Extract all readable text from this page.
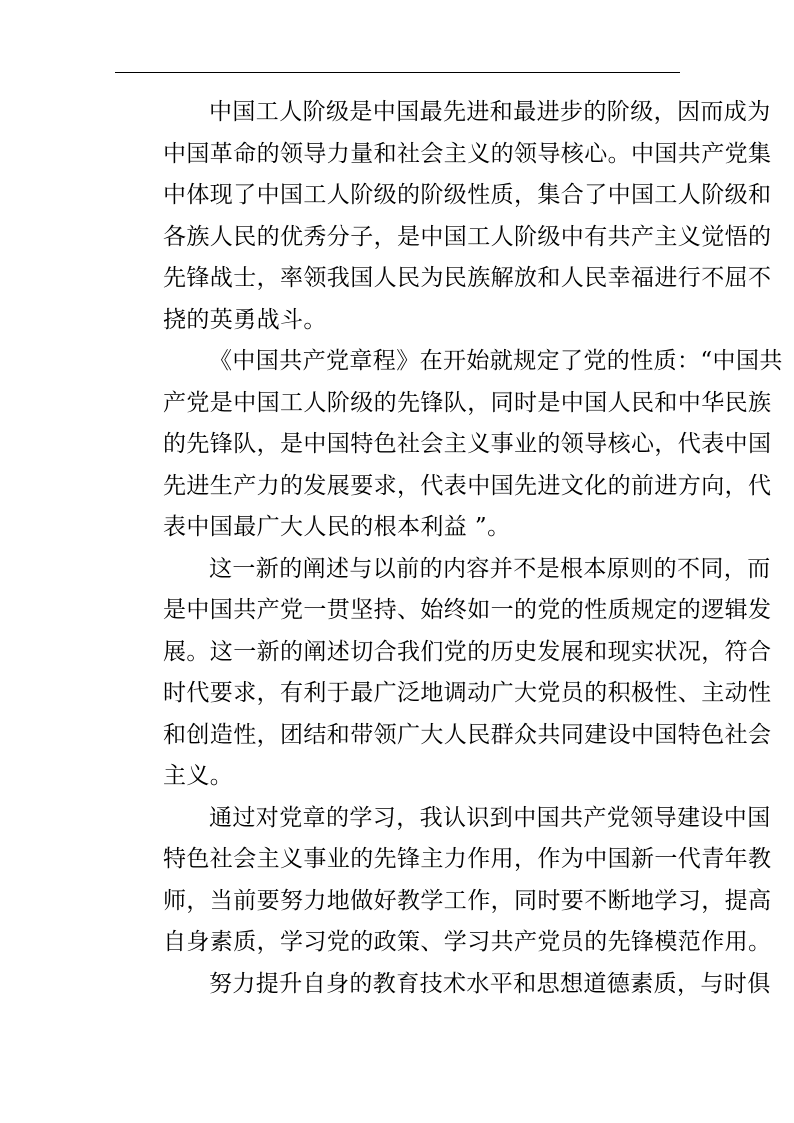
中国工人阶级是中国最先进和最进步的阶级，因而成为
中国革命的领导力量和社会主义的领导核心。中国共产党集
中体现了中国工人阶级的阶级性质，集合了中国工人阶级和
各族人民的优秀分子，是中国工人阶级中有共产主义觉悟的
先锋战士，率领我国人民为民族解放和人民幸福进行不屈不
挠的英勇战斗。
《中国共产党章程》在开始就规定了党的性质：“中国共
产党是中国工人阶级的先锋队，同时是中国人民和中华民族
的先锋队，是中国特色社会主义事业的领导核心，代表中国
先进生产力的发展要求，代表中国先进文化的前进方向，代
表中国最广大人民的根本利益 ”。
这一新的阐述与以前的内容并不是根本原则的不同，而
是中国共产党一贯坚持、始终如一的党的性质规定的逻辑发
展。这一新的阐述切合我们党的历史发展和现实状况，符合
时代要求，有利于最广泛地调动广大党员的积极性、主动性
和创造性，团结和带领广大人民群众共同建设中国特色社会
主义。
通过对党章的学习，我认识到中国共产党领导建设中国
特色社会主义事业的先锋主力作用，作为中国新一代青年教
师，当前要努力地做好教学工作，同时要不断地学习，提高
自身素质，学习党的政策、学习共产党员的先锋模范作用。
努力提升自身的教育技术水平和思想道德素质，与时俱
